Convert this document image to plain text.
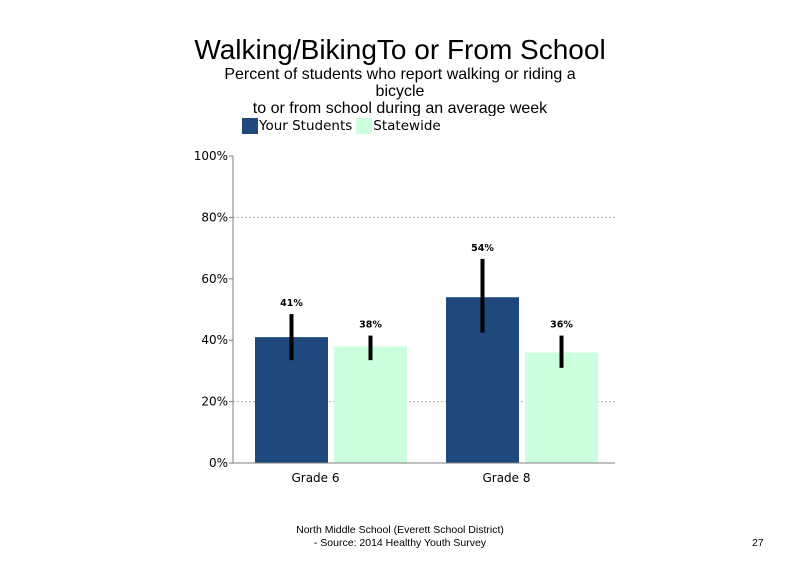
Walking/BikingTo or From School
Percent of students who report walking or riding a
bicycle
to or from school during an average week
Your Students Statewide
0%
20%
40%
60%
80%
100%
41%
38%
Grade 6
54%
36%
Grade 8
North Middle School (Everett School District)
- Source: 2014 Healthy Youth Survey	27
